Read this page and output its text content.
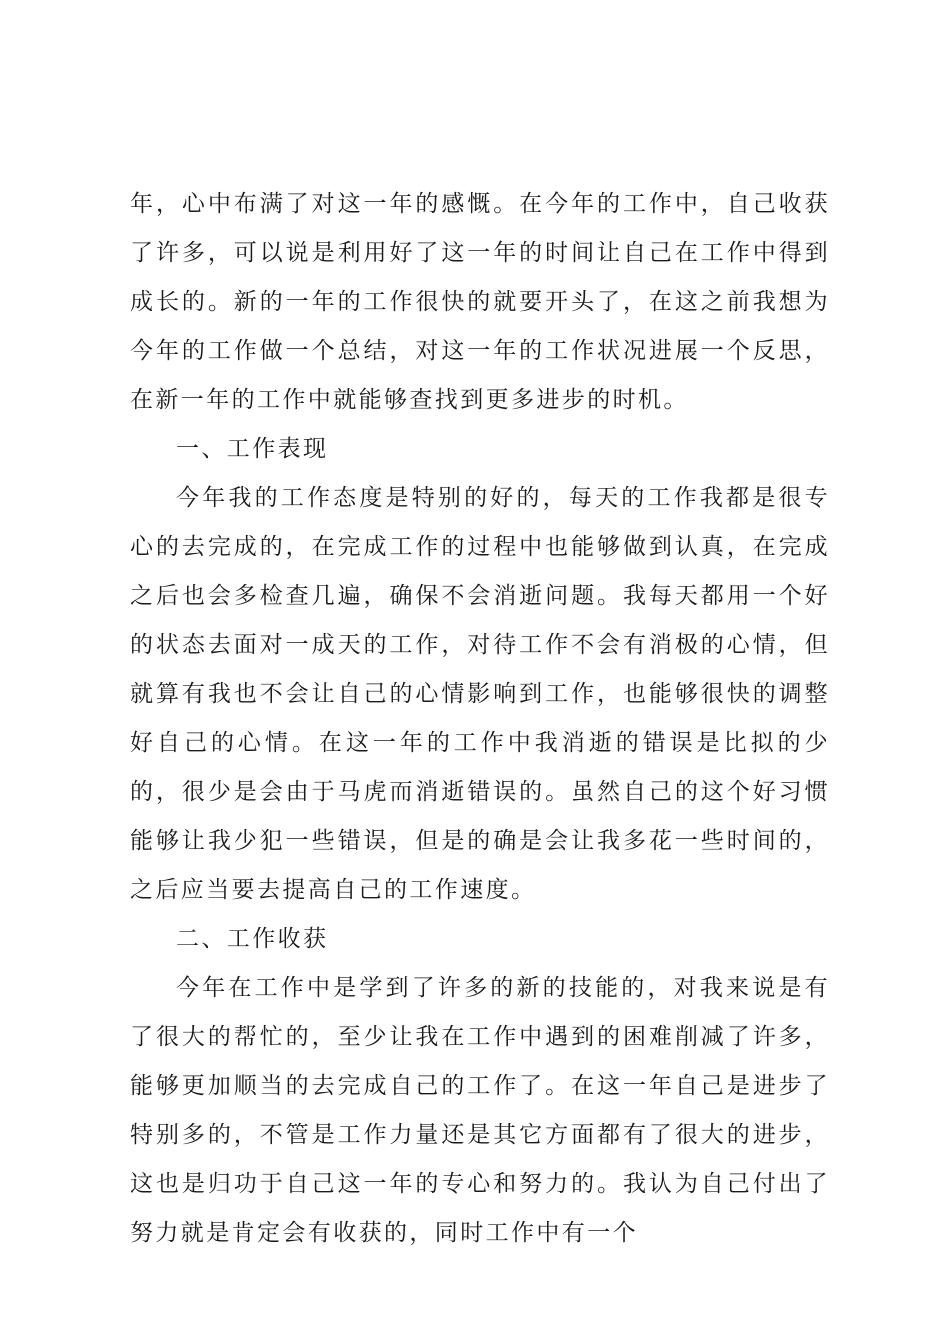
年，心中布满了对这一年的感慨。在今年的工作中，自己收获了许多，可以说是利用好了这一年的时间让自己在工作中得到成长的。新的一年的工作很快的就要开头了，在这之前我想为今年的工作做一个总结，对这一年的工作状况进展一个反思，在新一年的工作中就能够查找到更多进步的时机。

一、工作表现

今年我的工作态度是特别的好的，每天的工作我都是很专心的去完成的，在完成工作的过程中也能够做到认真，在完成之后也会多检查几遍，确保不会消逝问题。我每天都用一个好的状态去面对一成天的工作，对待工作不会有消极的心情，但就算有我也不会让自己的心情影响到工作，也能够很快的调整好自己的心情。在这一年的工作中我消逝的错误是比拟的少的，很少是会由于马虎而消逝错误的。虽然自己的这个好习惯能够让我少犯一些错误，但是的确是会让我多花一些时间的，之后应当要去提高自己的工作速度。

二、工作收获

今年在工作中是学到了许多的新的技能的，对我来说是有了很大的帮忙的，至少让我在工作中遇到的困难削减了许多，能够更加顺当的去完成自己的工作了。在这一年自己是进步了特别多的，不管是工作力量还是其它方面都有了很大的进步，这也是归功于自己这一年的专心和努力的。我认为自己付出了努力就是肯定会有收获的，同时工作中有一个
